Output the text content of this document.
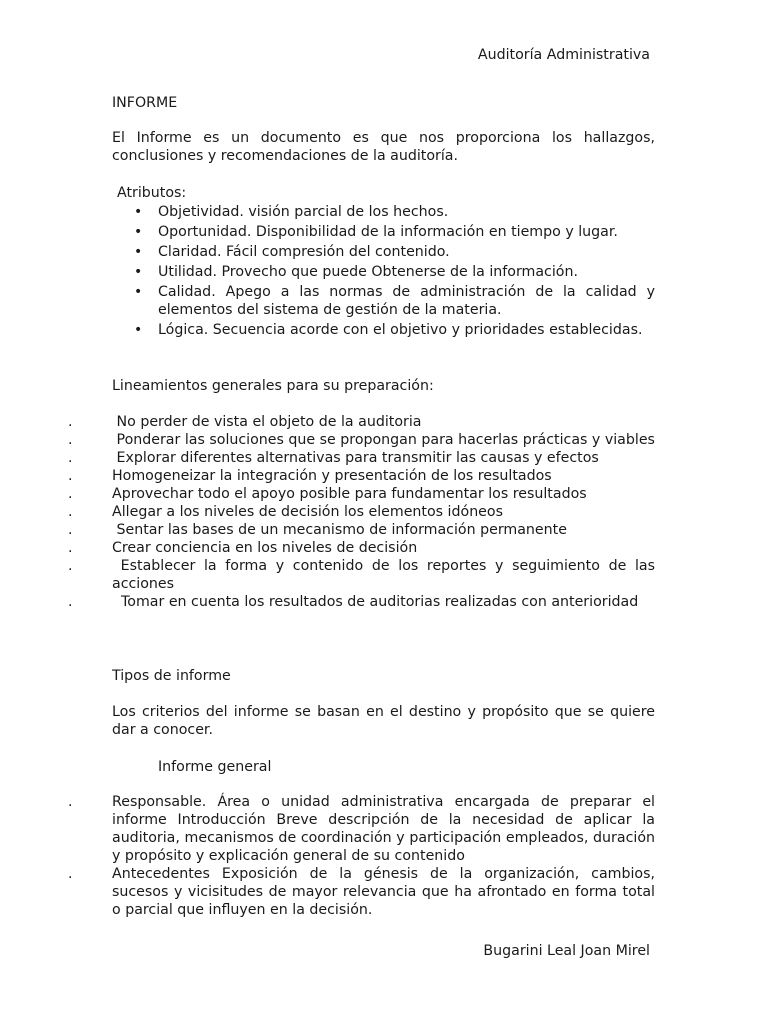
Auditoría Administrativa
INFORME
El Informe es un documento es que nos proporciona los hallazgos, conclusiones y recomendaciones de la auditoría.
Atributos:
• Objetividad. visión parcial de los hechos.
• Oportunidad. Disponibilidad de la información en tiempo y lugar.
• Claridad. Fácil compresión del contenido.
• Utilidad. Provecho que puede Obtenerse de la información.
• Calidad. Apego a las normas de administración de la calidad y elementos del sistema de gestión de la materia.
• Lógica. Secuencia acorde con el objetivo y prioridades establecidas.
Lineamientos generales para su preparación:
.	No perder de vista el objeto de la auditoria
.	Ponderar las soluciones que se propongan para hacerlas prácticas y viables
.	Explorar diferentes alternativas para transmitir las causas y efectos
.	Homogeneizar la integración y presentación de los resultados
.	Aprovechar todo el apoyo posible para fundamentar los resultados
.	Allegar a los niveles de decisión los elementos idóneos
.	Sentar las bases de un mecanismo de información permanente
.	Crear conciencia en los niveles de decisión
.	Establecer la forma y contenido de los reportes y seguimiento de las acciones
.	Tomar en cuenta los resultados de auditorias realizadas con anterioridad
Tipos de informe
Los criterios del informe se basan en el destino y propósito que se quiere dar a conocer.
Informe general
.	Responsable. Área o unidad administrativa encargada de preparar el informe Introducción Breve descripción de la necesidad de aplicar la auditoria, mecanismos de coordinación y participación empleados, duración y propósito y explicación general de su contenido
.	Antecedentes Exposición de la génesis de la organización, cambios, sucesos y vicisitudes de mayor relevancia que ha afrontado en forma total o parcial que influyen en la decisión.
Bugarini Leal Joan Mirel
